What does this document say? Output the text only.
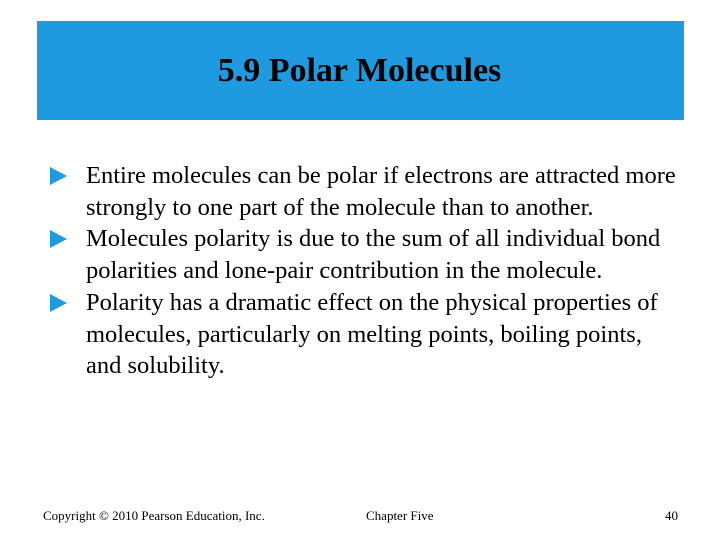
5.9 Polar Molecules
Entire molecules can be polar if electrons are attracted more strongly to one part of the molecule than to another.
Molecules polarity is due to the sum of all individual bond polarities and lone-pair contribution in the molecule.
Polarity has a dramatic effect on the physical properties of molecules, particularly on melting points, boiling points, and solubility.
Copyright © 2010 Pearson Education, Inc.	Chapter Five	40
